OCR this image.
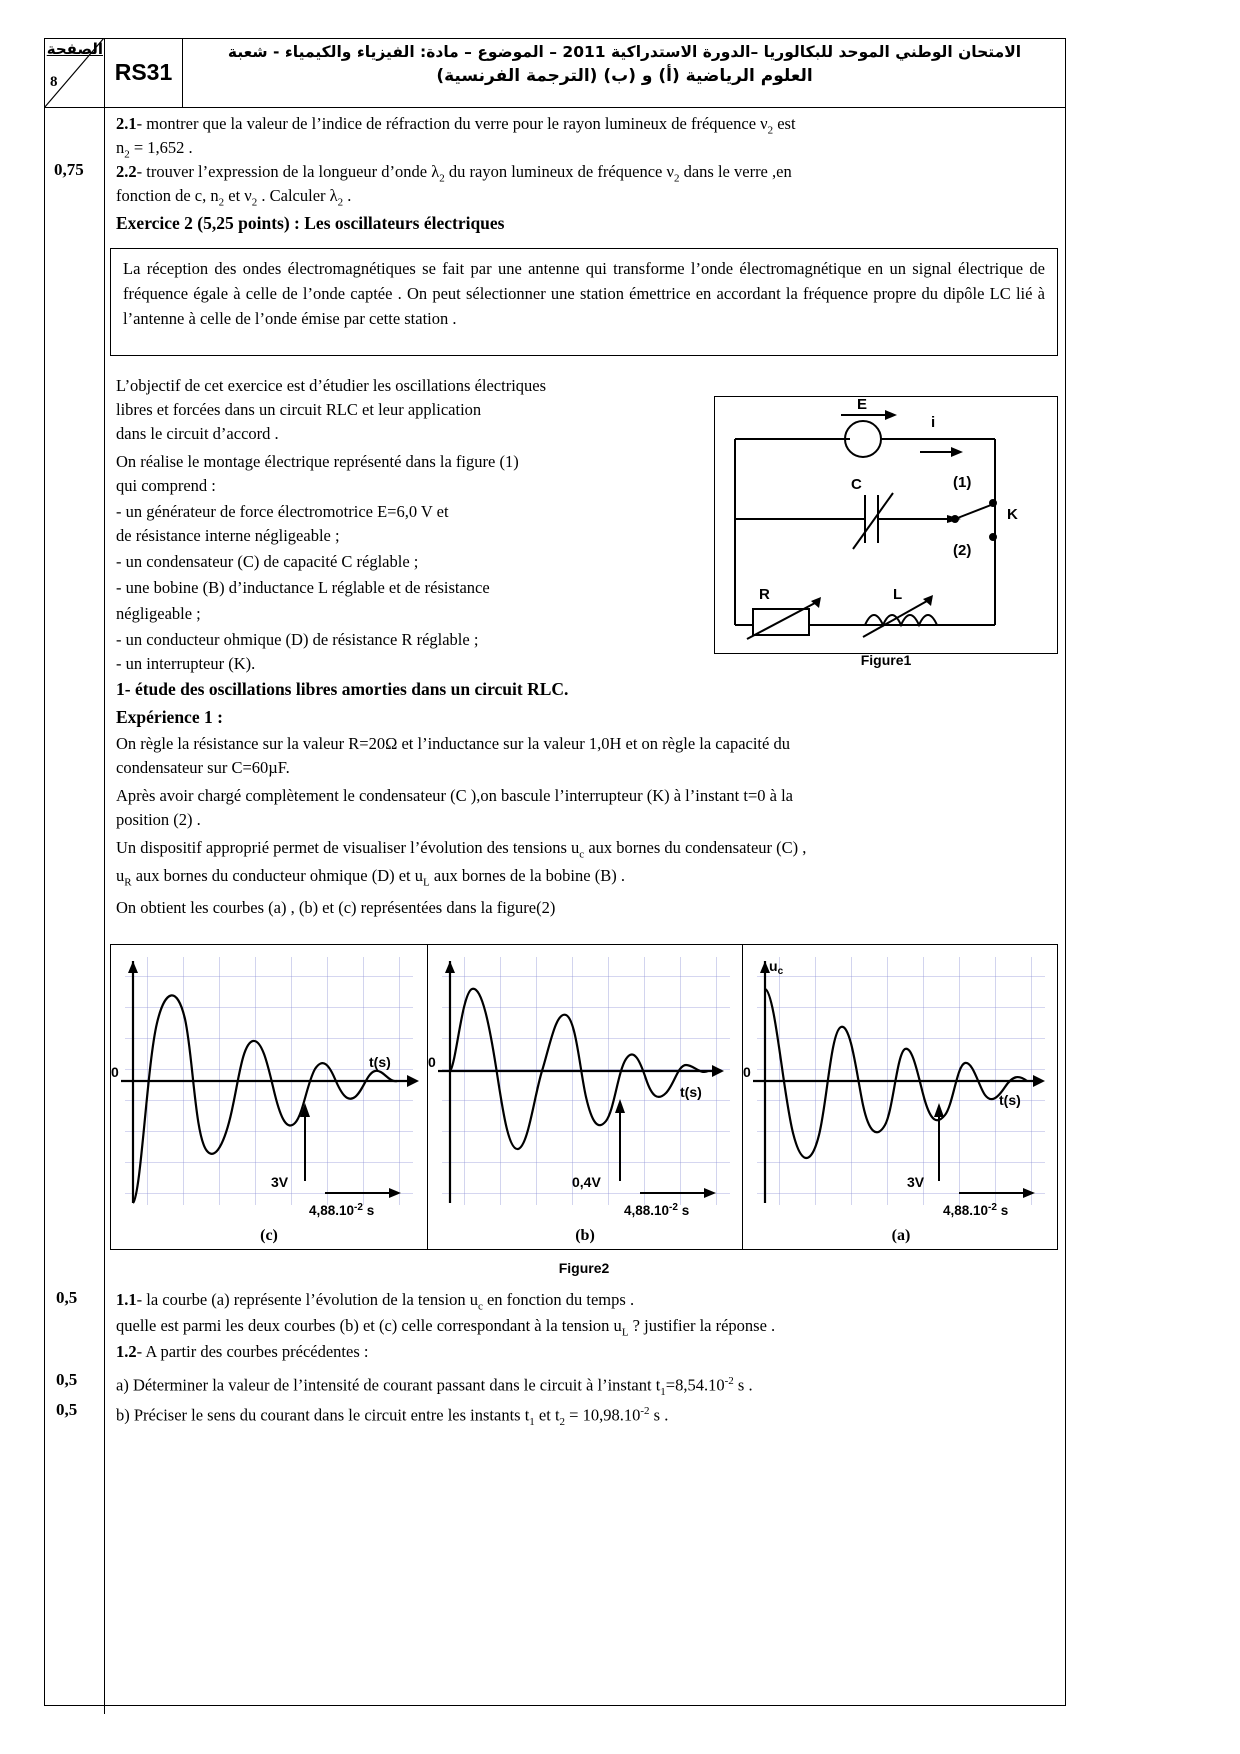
الصفحة
8	RS31
الامتحان الوطني الموحد للبكالوريا –الدورة الاستدراكية 2011 – الموضوع – مادة: الفيزياء والكيمياء - شعبة
العلوم الرياضية (أ) و (ب) (الترجمة الفرنسية)
2.1- montrer que la valeur de l’indice de réfraction du verre pour le rayon lumineux de fréquence $\nu_2$ est
$n_2 = 1,652$ .
0,75 2.2- trouver l’expression de la longueur d’onde $\lambda_2$ du rayon lumineux de fréquence $\nu_2$ dans le verre ,en
fonction de c, $n_2$ et $\nu_2$ . Calculer $\lambda_2$ .
Exercice 2 (5,25 points) : Les oscillateurs électriques

La réception des ondes électromagnétiques se fait par une antenne qui transforme l’onde électromagnétique en un signal électrique de fréquence égale à celle de l’onde captée . On peut sélectionner une station émettrice en accordant la fréquence propre du dipôle LC lié à l’antenne à celle de l’onde émise par cette station .

L’objectif de cet exercice est d’étudier les oscillations électriques
libres et forcées dans un circuit RLC et leur application
dans le circuit d’accord .
On réalise le montage électrique représenté dans la figure (1)
qui comprend :
- un générateur de force électromotrice E=6,0 V et
de résistance interne négligeable ;
- un condensateur (C) de capacité C réglable ;
- une bobine (B) d’inductance L réglable et de résistance
négligeable ;
- un conducteur ohmique (D) de résistance R réglable ;
- un interrupteur (K).
E
i
C
K
(1)
(2)
R	L
Figure1
1- étude des oscillations libres amorties dans un circuit RLC.
Expérience 1 :
On règle la résistance sur la valeur R=20Ω et l’inductance sur la valeur 1,0H et on règle la capacité du
condensateur sur C=60µF.
Après avoir chargé complètement le condensateur (C ),on bascule l’interrupteur (K) à l’instant t=0 à la
position (2) .
Un dispositif approprié permet de visualiser l’évolution des tensions $u_c$ aux bornes du condensateur (C) ,
$u_R$ aux bornes du conducteur ohmique (D) et $u_L$ aux bornes de la bobine (B) .
On obtient les courbes (a) , (b) et (c) représentées dans la figure(2)
0
t(s)
3V
$4,88.10^{-2}$ s
(c)
0
t(s)
0,4V
$4,88.10^{-2}$ s
(b)
0
$u_c$
t(s)
3V
$4,88.10^{-2}$ s
(a)
Figure2
0,5 1.1- la courbe (a) représente l’évolution de la tension $u_c$ en fonction du temps .
quelle est parmi les deux courbes (b) et (c) celle correspondant à la tension $u_L$ ? justifier la réponse .
1.2- A partir des courbes précédentes :
0,5 a) Déterminer la valeur de l’intensité de courant passant dans le circuit à l’instant $t_1=8,54.10^{-2}$ s .
0,5 b) Préciser le sens du courant dans le circuit entre les instants $t_1$ et $t_2 = 10,98.10^{-2}$ s .
